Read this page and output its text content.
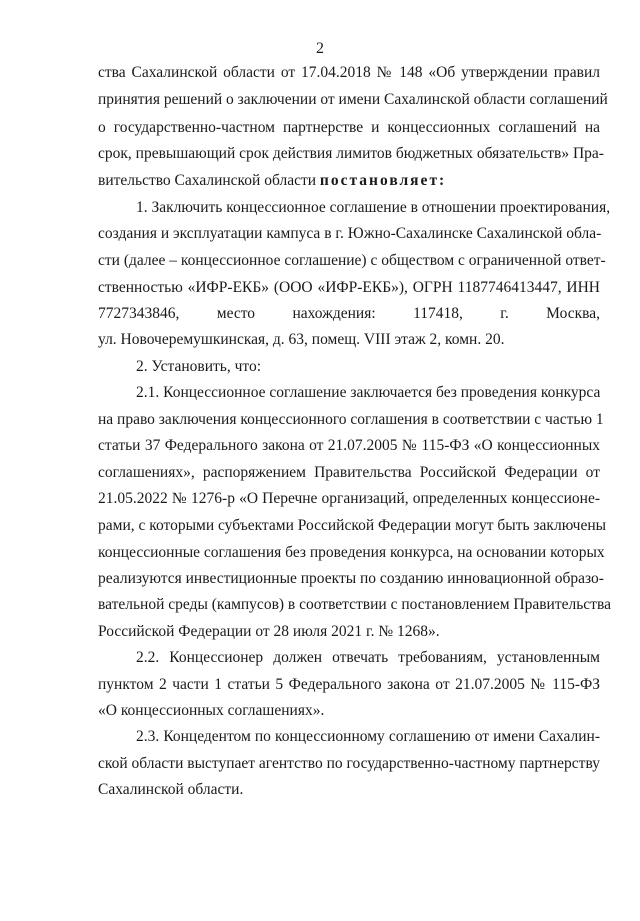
2
ства Сахалинской области от 17.04.2018 № 148 «Об утверждении правил
принятия решений о заключении от имени Сахалинской области соглашений
о государственно-частном партнерстве и концессионных соглашений на
срок, превышающий срок действия лимитов бюджетных обязательств» Пра-
вительство Сахалинской области постановляет:
1. Заключить концессионное соглашение в отношении проектирования,
создания и эксплуатации кампуса в г. Южно-Сахалинске Сахалинской обла-
сти (далее – концессионное соглашение) с обществом с ограниченной ответ-
ственностью «ИФР-ЕКБ» (ООО «ИФР-ЕКБ»), ОГРН 1187746413447, ИНН
7727343846, место нахождения: 117418, г. Москва,
ул. Новочеремушкинская, д. 63, помещ. VIII этаж 2, комн. 20.
2. Установить, что:
2.1. Концессионное соглашение заключается без проведения конкурса
на право заключения концессионного соглашения в соответствии с частью 1
статьи 37 Федерального закона от 21.07.2005 № 115-ФЗ «О концессионных
соглашениях», распоряжением Правительства Российской Федерации от
21.05.2022 № 1276-р «О Перечне организаций, определенных концессионе-
рами, с которыми субъектами Российской Федерации могут быть заключены
концессионные соглашения без проведения конкурса, на основании которых
реализуются инвестиционные проекты по созданию инновационной образо-
вательной среды (кампусов) в соответствии с постановлением Правительства
Российской Федерации от 28 июля 2021 г. № 1268».
2.2. Концессионер должен отвечать требованиям, установленным
пунктом 2 части 1 статьи 5 Федерального закона от 21.07.2005 № 115-ФЗ
«О концессионных соглашениях».
2.3. Концедентом по концессионному соглашению от имени Сахалин-
ской области выступает агентство по государственно-частному партнерству
Сахалинской области.
